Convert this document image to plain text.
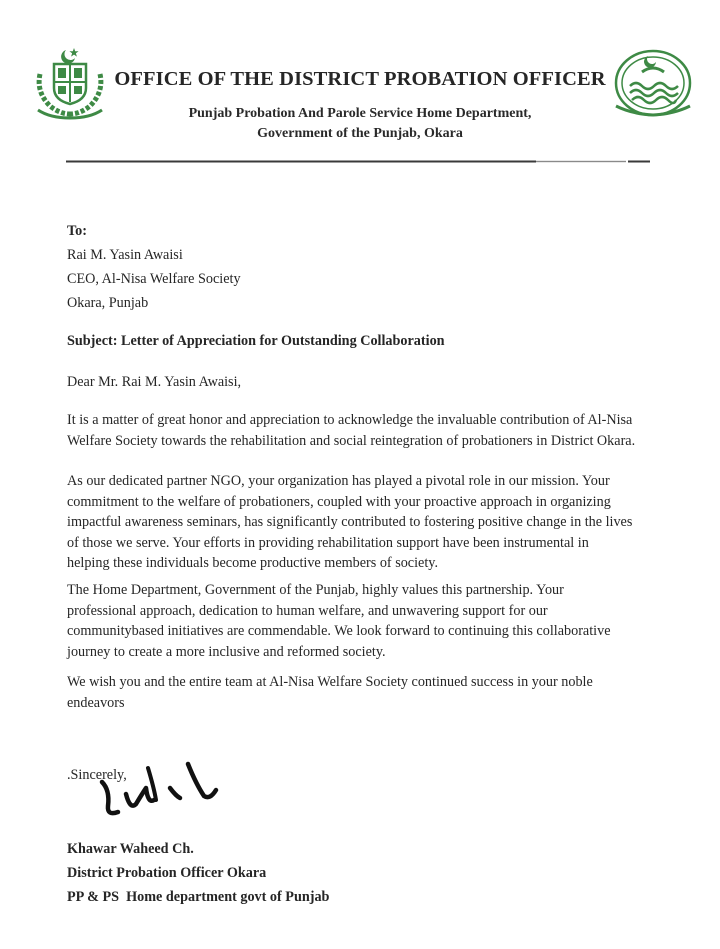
OFFICE OF THE DISTRICT PROBATION OFFICER
Punjab Probation And Parole Service Home Department,
Government of the Punjab, Okara
To:
Rai M. Yasin Awaisi
CEO, Al-Nisa Welfare Society
Okara, Punjab
Subject: Letter of Appreciation for Outstanding Collaboration
Dear Mr. Rai M. Yasin Awaisi,
It is a matter of great honor and appreciation to acknowledge the invaluable contribution of Al-Nisa
Welfare Society towards the rehabilitation and social reintegration of probationers in District Okara.
As our dedicated partner NGO, your organization has played a pivotal role in our mission. Your
commitment to the welfare of probationers, coupled with your proactive approach in organizing
impactful awareness seminars, has significantly contributed to fostering positive change in the lives
of those we serve. Your efforts in providing rehabilitation support have been instrumental in
helping these individuals become productive members of society.
The Home Department, Government of the Punjab, highly values this partnership. Your
professional approach, dedication to human welfare, and unwavering support for our
communitybased initiatives are commendable. We look forward to continuing this collaborative
journey to create a more inclusive and reformed society.
We wish you and the entire team at Al-Nisa Welfare Society continued success in your noble
endeavors
.Sincerely,
Khawar Waheed Ch.
District Probation Officer Okara
PP & PS  Home department govt of Punjab
